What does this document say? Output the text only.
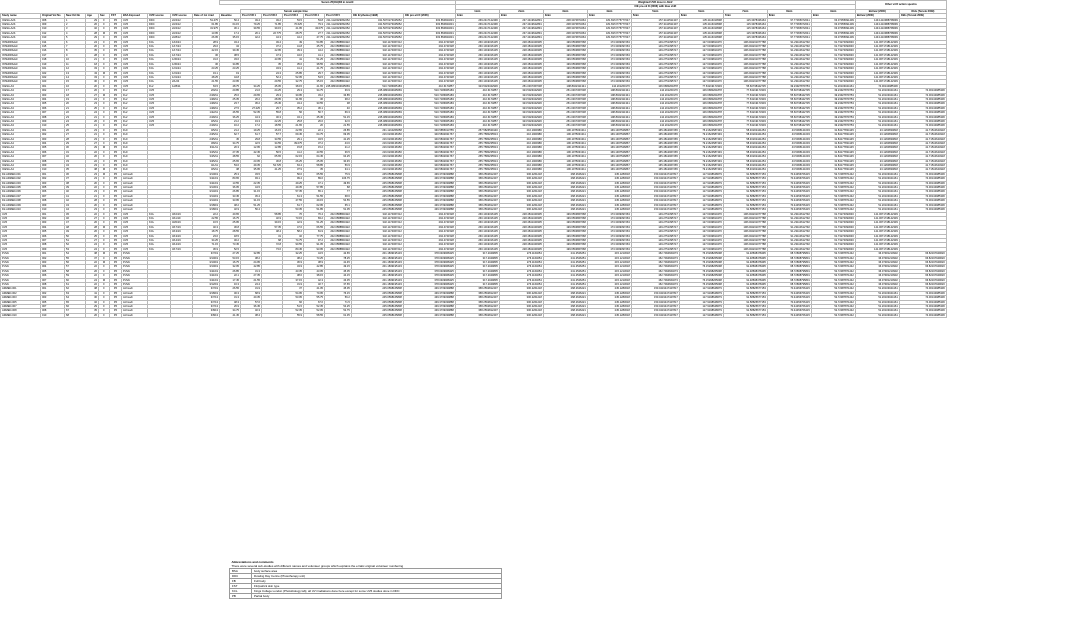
										Serum 25(OH)D3 in nmol/l								Weighted UVR dose in J/m2									Other vit D action spectra	
																		CIE pre-vit D (2006) with blue shift										
											Serum sample time							1min	2min	3min	4min	5min	6min	7min	8min	9min	Bolivar (2000)	Olds (Terusk 2009)
Study name	Original Vol No	New Vol No	Age	Sex	FST	BSA Exposed	UVR source	UVR source	Date of 1st irrad	Baseline	Post UVR 1	Post UVR 2	Post UVR 3	Post UVR 4	Post UVR 5	CIE Erythema (1998)	CIE pre-vit D (2006)	1min	2min	3min	4min	5min	6min	7min	8min	9min	Bolivar (2000)	Olds (Terusk 2009)
ICESA-A2b	008	1	29	F	P6	UV6	DDC	2/24/12	51.475	50.4	49.4	49.2	53.5	53.8	211.1122029052252	341.5070273045052	303.854824631	269.2417122496	237.4419622891	208.3074873264	181.6972775777047	157.3413511307	135.2116319598	115.3978436164	97.77365072041	63.07055991409	149.1410988768699	
ICESA-A2b	009	2	26	F	P6	UV6	DDC	2/24/12	61.85	64.15	79.25	71.85	70.625	79.3	211.1122029052252	341.5070273045052	303.854824631	269.2417122496	237.4419622891	208.3074873264	181.6972775777047	157.3413511307	135.2116319598	115.3978436164	97.77365072041	63.07055991409	149.1410988768699	
ICESA-A2b	010	3	32	F	P6	UV6	DDC	2/24/12	31.975	30.1	39.55	39.15	41.95	43.075	211.1122029052252	341.5070273045052	303.854824631	269.2417122496	237.4419622891	208.3074873264	181.6972775777047	157.3413511307	135.2116319598	115.3978436164	97.77365072041	63.07055991409	149.1410988768699	
ICESA-A2b	012	4	28	M	P6	UV6	DDC	2/24/12	13.95	17.4	20.1	22.775	28.75	27.7	211.1122029052252	341.5070273045052	303.854824631	269.2417122496	237.4419622891	208.3074873264	181.6972775777047	157.3413511307	135.2116319598	115.3978436164	97.77365072041	63.07055991409	149.1410988768699	
ICESA-A2b	013	5	29	F	P6	UV6	DDC	2/28/12	26.95	35.15	42.2	44.3	44.2	47.75	211.1122029052252	341.5070273045052	303.854824631	269.2417122496	237.4419622891	208.3074873264	181.6972775777047	157.3413511307	135.2116319598	115.3978436164	97.77365072041	63.07055991409	149.1410988768699	
INTERDSA2c	014	6	24	F	P6	UV6	KCL	1/16/24	28.9	34.4		49.4	49	54.85	202.0588804322	332.1174067212	294.4741528	260.1019316135	228.4841349305	199.6563867668	173.3039397263	149.2751395717	127.6049810476	108.294231077788	91.23110612792	61.73274093046	141.0671748142339	
INTERDSA2c	015	7	26	F	P6	UV6	KCL	1/17/24	29.6	34		37.2	41.8	45.75	202.0588804322	332.1174067212	294.4741528	260.1019316135	228.4841349305	199.6563867668	173.3039397263	149.2751395717	127.6049810476	108.294231077788	91.23110612792	61.73274093046	141.0671748142339	
INTERDSA2c	016	8	35	F	P6	UV6	KCL	1/17/24	42.15	39.45		42.95	39.3	44.2	202.0588804322	332.1174067212	294.4741528	260.1019316135	228.4841349305	199.6563867668	173.3039397263	149.2751395717	127.6049810476	108.294231077788	91.23110612792	61.73274093046	141.0671748142339	
INTERDSA2c	017	9	28	F	P6	UV6	KCL	1/17/24	36	38.5		47.3	44.6	41.1	202.0588804322	332.1174067212	294.4741528	260.1019316135	228.4841349305	199.6563867668	173.3039397263	149.2751395717	127.6049810476	108.294231077788	91.23110612792	61.73274093046	141.0671748142339	
INTERDSA2c	018	10	21	F	P6	UV6	KCL	1/30/24	31.6	33.6		43.95	41	51.25	202.0588804322	332.1174067212	294.4741528	260.1019316135	228.4841349305	199.6563867668	173.3039397263	149.2751395717	127.6049810476	108.294231077788	91.23110612792	61.73274093046	141.0671748142339	
INTERDSA2c	019	11	18	F	P6	UV6	KCL	1/30/24	36	34.85		35	35.6	38.55	202.0588804322	332.1174067212	294.4741528	260.1019316135	228.4841349305	199.6563867668	173.3039397263	149.2751395717	127.6049810476	108.294231077788	91.23110612792	61.73274093046	141.0671748142339	
INTERDSA2c	021	12	33	F	P6	UV6	KCL	1/31/24	23.25	23.25		34.9	41.4	41.75	202.0588804322	332.1174067212	294.4741528	260.1019316135	228.4841349305	199.6563867668	173.3039397263	149.2751395717	127.6049810476	108.294231077788	91.23110612792	61.73274093046	141.0671748142339	
INTERDSA2c	022	13	43	M	P6	UV6	KCL	1/31/24	19.1	19		24.3	25.85	29.7	202.0588804322	332.1174067212	294.4741528	260.1019316135	228.4841349305	199.6563867668	173.3039397263	149.2751395717	127.6049810476	108.294231077788	91.23110612792	61.73274093046	141.0671748142339	
INTERDSA2c	022	14	33	F	P6	UV6	KCL	1/31/24	48.25	44.8		52.4	52.05	54.5	202.0588804322	332.1174067212	294.4741528	260.1019316135	228.4841349305	199.6563867668	173.3039397263	149.2751395717	127.6049810476	108.294231077788	91.23110612792	61.73274093046	141.0671748142339	
INTERDSA2c	023	15	30	F	P6	UV6	KCL	2/1/24	21.55	23.95		29.55	32.75	35.15	202.0588804322	332.1174067212	294.4741528	260.1019316135	228.4841349305	199.6563867668	173.3039397263	149.2751395717	127.6049810476	108.294231077788	91.23110612792	61.73274093046	141.0671748142339	
ICESA-A3	001	16	20	F	P6	UV6	FL2	1/28/11	63.5	48.75	34.25	45.05	38.15	41.65	245.0849043945669	510.7186965183	410.6174857	323.5023342936	251.0467367038	198.8022311341	144.201260176	106.6680201878	77.63219173303	55.60738442735	39.23927879753	51.20103044161	74.00134985306	
ICESA-A3	002	17	26	F	P6	FL2	UV6		2/9/11	20.85	21.6	24.25	29.3	34.75	36.9	245.0849043945669	510.7186965183	410.6174857	323.5023342936	251.0467367038	198.8022311341	144.201260176	106.6680201878	77.63219173303	55.60738442735	39.23927879753	51.20103044161	74.00134985306
ICESA-A3	003	18	27	M	P6	FL2	UV6		2/18/11	25.6	29.65	29.3	30.95	33.2	33.85	245.0849043945669	510.7186965183	410.6174857	323.5023342936	251.0467367038	198.8022311341	144.201260176	106.6680201878	77.63219173303	55.60738442735	39.23927879753	51.20103044161	74.00134985306
ICESA-A3	004	19	24	F	P6	FL2	UV6		1/28/11	25.35	26.2	28.05	31.65	36	38.2	245.0849043945669	510.7186965183	410.6174857	323.5023342936	251.0467367038	198.8022311341	144.201260176	106.6680201878	77.63219173303	55.60738442735	39.23927879753	51.20103044161	74.00134985306
ICESA-A3	005	20	23	F	P6	FL2	UV6		1/28/11	23.7	36.2	25.45	34.4	33.55	38	245.0849043945669	510.7186965183	410.6174857	323.5023342936	251.0467367038	198.8022311341	144.201260176	106.6680201878	77.63219173303	55.60738442735	39.23927879753	51.20103044161	74.00134985306
ICESA-A3	006	21	25	F	P6	FL2	UV6		1/28/11	27.5	27.225	29.7	35.2	36.1	40	245.0849043945669	510.7186965183	410.6174857	323.5023342936	251.0467367038	198.8022311341	144.201260176	106.6680201878	77.63219173303	55.60738442735	39.23927879753	51.20103044161	74.00134985306
ICESA-A3	007	22	24	F	P6	FL2	UV6		1/22/11	46.55	52.35	55.8	56	56.7	66.3	245.0849043945669	510.7186965183	410.6174857	323.5023342936	251.0467367038	198.8022311341	144.201260176	106.6680201878	77.63219173303	55.60738442735	39.23927879753	51.20103044161	74.00134985306
ICESA-A3	008	23	21	F	P6	FL2	UV6		2/18/11	36.25	44.3	46.3	43.1	45.45	51.15	245.0849043945669	510.7186965183	410.6174857	323.5023342936	251.0467367038	198.8022311341	144.201260176	106.6680201878	77.63219173303	55.60738442735	39.23927879753	51.20103044161	74.00134985306
ICESA-A3	009	24	26	F	P6	FL2	UV6		4/5/11	21.2	19.3	22.25	25.8	26.6	32.6	245.0849043945669	510.7186965183	410.6174857	323.5023342936	251.0467367038	198.8022311341	144.201260176	106.6680201878	77.63219173303	55.60738442735	39.23927879753	51.20103044161	74.00134985306
ICESA-A3	010	25	21	F	P6	FL2	UV6		2/18/11	16.2	17.2	18.55	21.65	20	21.55	245.0849043945669	510.7186965183	410.6174857	323.5023342936	251.0467367038	198.8022311341	144.201260176	106.6680201878	77.63219173303	55.60738442735	39.23927879753	51.20103044161	74.00134985306
ICESA-A4	001	26	23	F	P6	FL9			4/5/11	21.2	19.25	16.15	22.65	22.1	26.85	231.1210266058	330.5855013755	257.5826539146	216.1909386	196.1975031311	169.1937526867	165.4812967265	75.21624587449	58.46202441254	43.5095121003	31.84177834145	23.1260830818	41.71510644918
ICESA-A4	002	27	21	F	P6	FL9			2/25/11	62.7	61.7	57.7	69.45	64.75	69.05	216.6230138150	340.5832931767	255.7580235513	216.1909386	196.1975031311	169.1937526867	165.4812967265	79.21624587449	58.46202441254	43.5095121003	31.84177834145	23.1260830818	41.71510644918
ICESA-A4	003	28	23	F	P6	FL9			2/25/11	45	29.8	33.55	29.1	34.5	41.25	216.6230138150	340.5832931767	255.7580235513	216.1909386	196.1975031311	169.1937526867	165.4812967265	79.21624587449	58.46202441254	43.5095121003	31.84177834145	23.1260830818	41.71510644918
ICESA-A4	004	29	27	F	P6	FL9			3/8/11	34.75	42.5	34.55	39.075	37.2	43.6	216.6230138150	340.5832931767	255.7580235513	216.1909386	196.1975031311	169.1937526867	165.4812967265	79.21624587449	58.46202441254	43.5095121003	31.84177834145	23.1260830818	41.71510644918
ICESA-A4	005	30	29	M	P6	FL9			3/11/11	20.3	12.95	12.85	15.8	15.2	21.2	216.6230138150	340.5832931767	255.7580235513	216.1909386	196.1975031311	169.1937526867	165.4812967265	79.21624587449	58.46202441254	43.5095121003	31.84177834145	23.1260830818	41.71510644918
ICESA-A4	006	31	22	F	P6	FL9			3/15/11	27.35	42.45	50.5	41.2	43.55	36.5	216.6230138150	340.5832931767	255.7580235513	216.1909386	196.1975031311	169.1937526867	165.4812967265	79.21624587449	58.46202441254	43.5095121003	31.84177834145	23.1260830818	41.71510644918
ICESA-A4	007	32	26	F	P6	FL9			3/15/11	48.55	62	65.65	62.15	64.45	64.25	216.6230138150	340.5832931767	255.7580235513	216.1909386	196.1975031311	169.1937526867	165.4812967265	79.21624587449	58.46202441254	43.5095121003	31.84177834145	23.1260830818	41.71510644918
ICESA-A4	008	33	22	F	P6	FL9			3/25/11	25.65	23.05	30.8	26.25	25.05	30.45	216.6230138150	340.5832931767	255.7580235513	216.1909386	196.1975031311	169.1937526867	165.4812967265	79.21624587449	58.46202441254	43.5095121003	31.84177834145	23.1260830818	41.71510644918
ICESA-A4	009	34	23	F	P6	FL9			4/1/11	53.6	49.35	54.725	63.4	58.85	56.9	216.6230138150	340.5832931767	255.7580235513	216.1909386	196.1975031311	169.1937526867	165.4812967265	79.21624587449	58.46202441254	43.5095121003	31.84177834145	23.1260830818	41.71510644918
ICESA-A4	010	35	38	M	P6	FL9			4/5/11	38	35.95	41.25	37.9	35	34.1	216.6230138150	340.5832931767	255.7580235513	216.1909386	196.1975031311	169.1937526867	165.4812967265	79.21624587449	58.46202441254	43.5095121003	31.84177834145	23.1260830818	41.71510644918
D2-ARMED-001	001	36	23	M	P6	Arrimedi			3/10/19	25.3	33.5		50.6	65.55	75.9	245.0568165808	439.3739339888	358.2562812407	306.2261218	268.2626221	245.1283018	150.0419447427817	117.9198648679	91.58825677153	70.44456706415	52.72387871242	51.20103044161	74.00134985306
D2-ARMED-002	002	37	23	F	P6	Arrimedi			3/11/19	80.65	93.1		99.4	89.6	106.75	245.0568165808	439.3739339888	358.2562812407	306.2261218	268.2626221	245.1283018	150.0419447427817	117.9198648679	91.58825677153	70.44456706415	52.72387871242	51.20103044161	74.00134985306
D2-ARMED-003	003	38	20	F	P6	Arrimedi			3/11/19	13.55	22.35		49.25	47.1	49.65	245.0568165808	439.3739339888	358.2562812407	306.2261218	268.2626221	245.1283018	150.0419447427817	117.9198648679	91.58825677153	70.44456706415	52.72387871242	51.20103044161	74.00134985306
D2-ARMED-005	005	39	22	F	P6	Arrimedi			3/13/19	36.05	44.5		49.35	57.85	68	245.0568165808	439.3739339888	358.2562812407	306.2261218	268.2626221	245.1283018	150.0419447427817	117.9198648679	91.58825677153	70.44456706415	52.72387871242	51.20103044161	74.00134985306
D2-ARMED-006	006	40	23	F	P6	Arrimedi			3/14/19	26.85	31.15		57.35	65.1	77	245.0568165808	439.3739339888	358.2562812407	306.2261218	268.2626221	245.1283018	150.0419447427817	117.9198648679	91.58825677153	70.44456706415	52.72387871242	51.20103044161	74.00134985306
D2-ARMED-007	007	41	21	F	P6	Arrimedi			3/14/19	33.45	45.4		61.3	51.55	68.6	245.0568165808	439.3739339888	358.2562812407	306.2261218	268.2626221	245.1283018	150.0419447427817	117.9198648679	91.58825677153	70.44456706415	52.72387871242	51.20103044161	74.00134985306
D2-ARMED-008	008	42	28	F	P6	Arrimedi			3/14/19	33.95	31.15		47.55	49.15	54.55	245.0568165808	439.3739339888	358.2562812407	306.2261218	268.2626221	245.1283018	150.0419447427817	117.9198648679	91.58825677153	70.44456706415	52.72387871242	51.20103044161	74.00134985306
D2-ARMED-009	009	43	20	F	P6	Arrimedi			3/18/19	48.2	51.25		61.7	62.95	65.1	245.0568165808	439.3739339888	358.2562812407	306.2261218	268.2626221	245.1283018	150.0419447427817	117.9198648679	91.58825677153	70.44456706415	52.72387871242	51.20103044161	74.00134985306
D2-ARMED-010	010	44	23	F	P6	Arrimedi			3/18/19	32.9	56.4		53.35	51.85	51.05	245.0568165808	439.3739339888	358.2562812407	306.2261218	268.2626221	245.1283018	150.0419447427817	117.9198648679	91.58825677153	70.44456706415	52.72387871242	51.20103044161	74.00134985306
UV6	001	45	22	F	P6	UV6	KCL	3/10/19	22.2	40.65		58.85	76	76.4	202.0588804322	332.1174067212	294.4741528	260.1019316135	228.4841349305	199.6563867668	173.3039397263	149.2751395717	127.6049810476	108.294231077788	91.23110612792	61.73274093046	141.0671748142339	
UV6	002	46	27	F	P6	UV6	KCL	3/11/19	22.55	16.75		32.9	73.15	83.2	202.0588804322	332.1174067212	294.4741528	260.1019316135	228.4841349305	199.6563867668	173.3039397263	149.2751395717	127.6049810476	108.294231077788	91.23110612792	61.73274093046	141.0671748142339	
UV6	003	47	26	F	P6	UV6	KCL	3/20/19	16.5	25.95		39.15	42.9	51.25	202.0588804322	332.1174067212	294.4741528	260.1019316135	228.4841349305	199.6563867668	173.3039397263	149.2751395717	127.6049810476	108.294231077788	91.23110612792	61.73274093046	141.0671748142339	
UV6	004	48	28	M	P6	UV6	KCL	3/17/19	40.3	30.8		57.35	47.6	66.55	202.0588804322	332.1174067212	294.4741528	260.1019316135	228.4841349305	199.6563867668	173.3039397263	149.2751395717	127.6049810476	108.294231077788	91.23110612792	61.73274093046	141.0671748142339	
UV6	005	49	26	F	P6	UV6	KCL	3/13/19	18.75	28.55		48.4	58.2	81.9	202.0588804322	332.1174067212	294.4741528	260.1019316135	228.4841349305	199.6563867668	173.3039397263	149.2751395717	127.6049810476	108.294231077788	91.23110612792	61.73274093046	141.0671748142339	
UV6	006	50	25	F	P6	UV6	KCL	3/13/19	23.6	18.5		31	32	77.75	202.0588804322	332.1174067212	294.4741528	260.1019316135	228.4841349305	199.6563867668	173.3039397263	149.2751395717	127.6049810476	108.294231077788	91.23110612792	61.73274093046	141.0671748142339	
UV6	007	51	27	F	P6	UV6	KCL	3/14/19	34.25	46.2		68	74.75	97.2	202.0588804322	332.1174067212	294.4741528	260.1019316135	228.4841349305	199.6563867668	173.3039397263	149.2751395717	127.6049810476	108.294231077788	91.23110612792	61.73274093046	141.0671748142339	
UV6	008	52	24	F	P6	UV6	KCL	3/14/19	71.15	73.45		72.8	90.55	91.05	202.0588804322	332.1174067212	294.4741528	260.1019316135	228.4841349305	199.6563867668	173.3039397263	149.2751395717	127.6049810476	108.294231077788	91.23110612792	61.73274093046	141.0671748142339	
UV6	009	53	24	F	P6	UV6	KCL	3/17/19	36.9	52.5		73.6	80.45	93.95	202.0588804322	332.1174067212	294.4741528	260.1019316135	228.4841349305	199.6563867668	173.3039397263	149.2751395717	127.6049810476	108.294231077788	91.23110612792	61.73274093046	141.0671748142339	
PUVA	001	54	38	M	P6	PUVA			3/7/19	27.25	32.85		32.25	44.5	42.65	201.1839195133	378.0409968425	317.2049805	276.1164054	241.2526251	215.1213018	152.7094664073	76.15298265098	91.48838478495	68.72808795801	52.72387871242	36.07481210902	66.82197949620
PUVA	002	55	37	F	P6	PUVA			3/10/19	53.15	38.2		38.2	73.25	78.25	201.1839195133	378.0409968425	317.2049805	276.1164054	241.2526251	215.1213018	152.7094664073	76.15298265098	91.48838478495	68.72808795801	52.72387871242	36.07481210902	66.82197949620
PUVA	003	56	22	M	P6	PUVA			3/10/19	16.75	24.95		36.9	38.9	41.45	201.1839195133	378.0409968425	317.2049805	276.1164054	241.2526251	215.1213018	152.7094664073	76.15298265098	91.48838478495	68.72808795801	52.72387871242	36.07481210902	66.82197949620
PUVA	004	57	22	F	P6	PUVA			3/10/19	32.05	42.85		34.9	42.85	49.15	201.1839195133	378.0409968425	317.2049805	276.1164054	241.2526251	215.1213018	152.7094664073	76.15298265098	91.48838478495	68.72808795801	52.72387871242	36.07481210902	66.82197949620
PUVA	005	58	26	F	P6	PUVA			3/11/19	26.85	31.3		43.35	43.05	45.05	201.1839195133	378.0409968425	317.2049805	276.1164054	241.2526251	215.1213018	152.7094664073	76.15298265098	91.48838478495	68.72808795801	52.72387871242	36.07481210902	66.82197949620
PUVA	006	59	22	F	P6	PUVA			3/11/19	22.1	27.35		38.6	38.15	44.15	201.1839195133	378.0409968425	317.2049805	276.1164054	241.2526251	215.1213018	152.7094664073	76.15298265098	91.48838478495	68.72808795801	52.72387871242	36.07481210902	66.82197949620
PUVA	007	60	24	M	P6	PUVA			3/11/19	17.45	21.55		37.15	42.3	43.35	201.1839195133	378.0409968425	317.2049805	276.1164054	241.2526251	215.1213018	152.7094664073	76.15298265098	91.48838478495	68.72808795801	52.72387871242	36.07481210902	66.82197949620
PUVA	008	61	22	F	P6	PUVA			3/12/19	16.3	24.4		31.9	32.7	37.65	201.1839195133	378.0409968425	317.2049805	276.1164054	241.2526251	215.1213018	152.7094664073	76.15298265098	91.48838478495	68.72808795801	52.72387871242	36.07481210902	66.82197949620
ARMED-001	001	62	38	F	P6	Arrimedi			3/7/19	26.55	31.9		37	41.05	45.05	245.0568165808	439.3739339888	358.2562812407	306.2261218	268.2626221	245.1283018	150.0419447427817	117.9198648679	91.58825677153	70.44456706415	52.72387871242	51.20103044161	74.00134985306
ARMED-002	002	63	41	F	P6	Arrimedi			3/18/19	46.3	68.9		54.95	70.95	76.15	245.0568165808	439.3739339888	358.2562812407	306.2261218	268.2626221	245.1283018	150.0419447427817	117.9198648679	91.58825677153	70.44456706415	52.72387871242	51.20103044161	74.00134985306
ARMED-003	003	64	30	F	P6	Arrimedi			3/7/13	31.3	40.35		53.05	55.75	56.2	245.0568165808	439.3739339888	358.2562812407	306.2261218	268.2626221	245.1283018	150.0419447427817	117.9198648679	91.58825677153	70.44456706415	52.72387871242	51.20103044161	74.00134985306
ARMED-005	005	65	32	F	P6	Arrimedi			3/7/13	48.3	57.6		66	67.6	71.5	245.0568165808	439.3739339888	358.2562812407	306.2261218	268.2626221	245.1283018	150.0419447427817	117.9198648679	91.58825677153	70.44456706415	52.72387871242	51.20103044161	74.00134985306
ARMED-007	007	66	29	F	P6	Arrimedi			3/7/13	26.9	36.45		51.5	52.35	54.25	245.0568165808	439.3739339888	358.2562812407	306.2261218	268.2626221	245.1283018	150.0419447427817	117.9198648679	91.58825677153	70.44456706415	52.72387871242	51.20103044161	74.00134985306
ARMED-008	008	67	35	F	P6	Arrimedi			3/8/13	34.75	40.3		52.35	52.05	52.75	245.0568165808	439.3739339888	358.2562812407	306.2261218	268.2626221	245.1283018	150.0419447427817	117.9198648679	91.58825677153	70.44456706415	52.72387871242	51.20103044161	74.00134985306
ARMED-010	010	68	26	F	P6	Arrimedi			3/8/13	41.45	38.4		55.9	58.55	61.35	245.0568165808	439.3739339888	358.2562812407	306.2261218	268.2626221	245.1283018	150.0419447427817	117.9198648679	91.58825677153	70.44456706415	52.72387871242	51.20103044161	74.00134985306
Abbreviations and comments	
There were several sub-studies with different names and volunteer groups which explains the erratic original volunteer numbering	
BSA	body surface area
DDC	Dowling Day Centre (Phototherapy unit)
FB	Full body
FST	Fitzpatrick skin type
KCL	Kings College London (Photobiology lab); all UV irradiations done here except for some UV6 studies done in DDC
PB	Partial body
